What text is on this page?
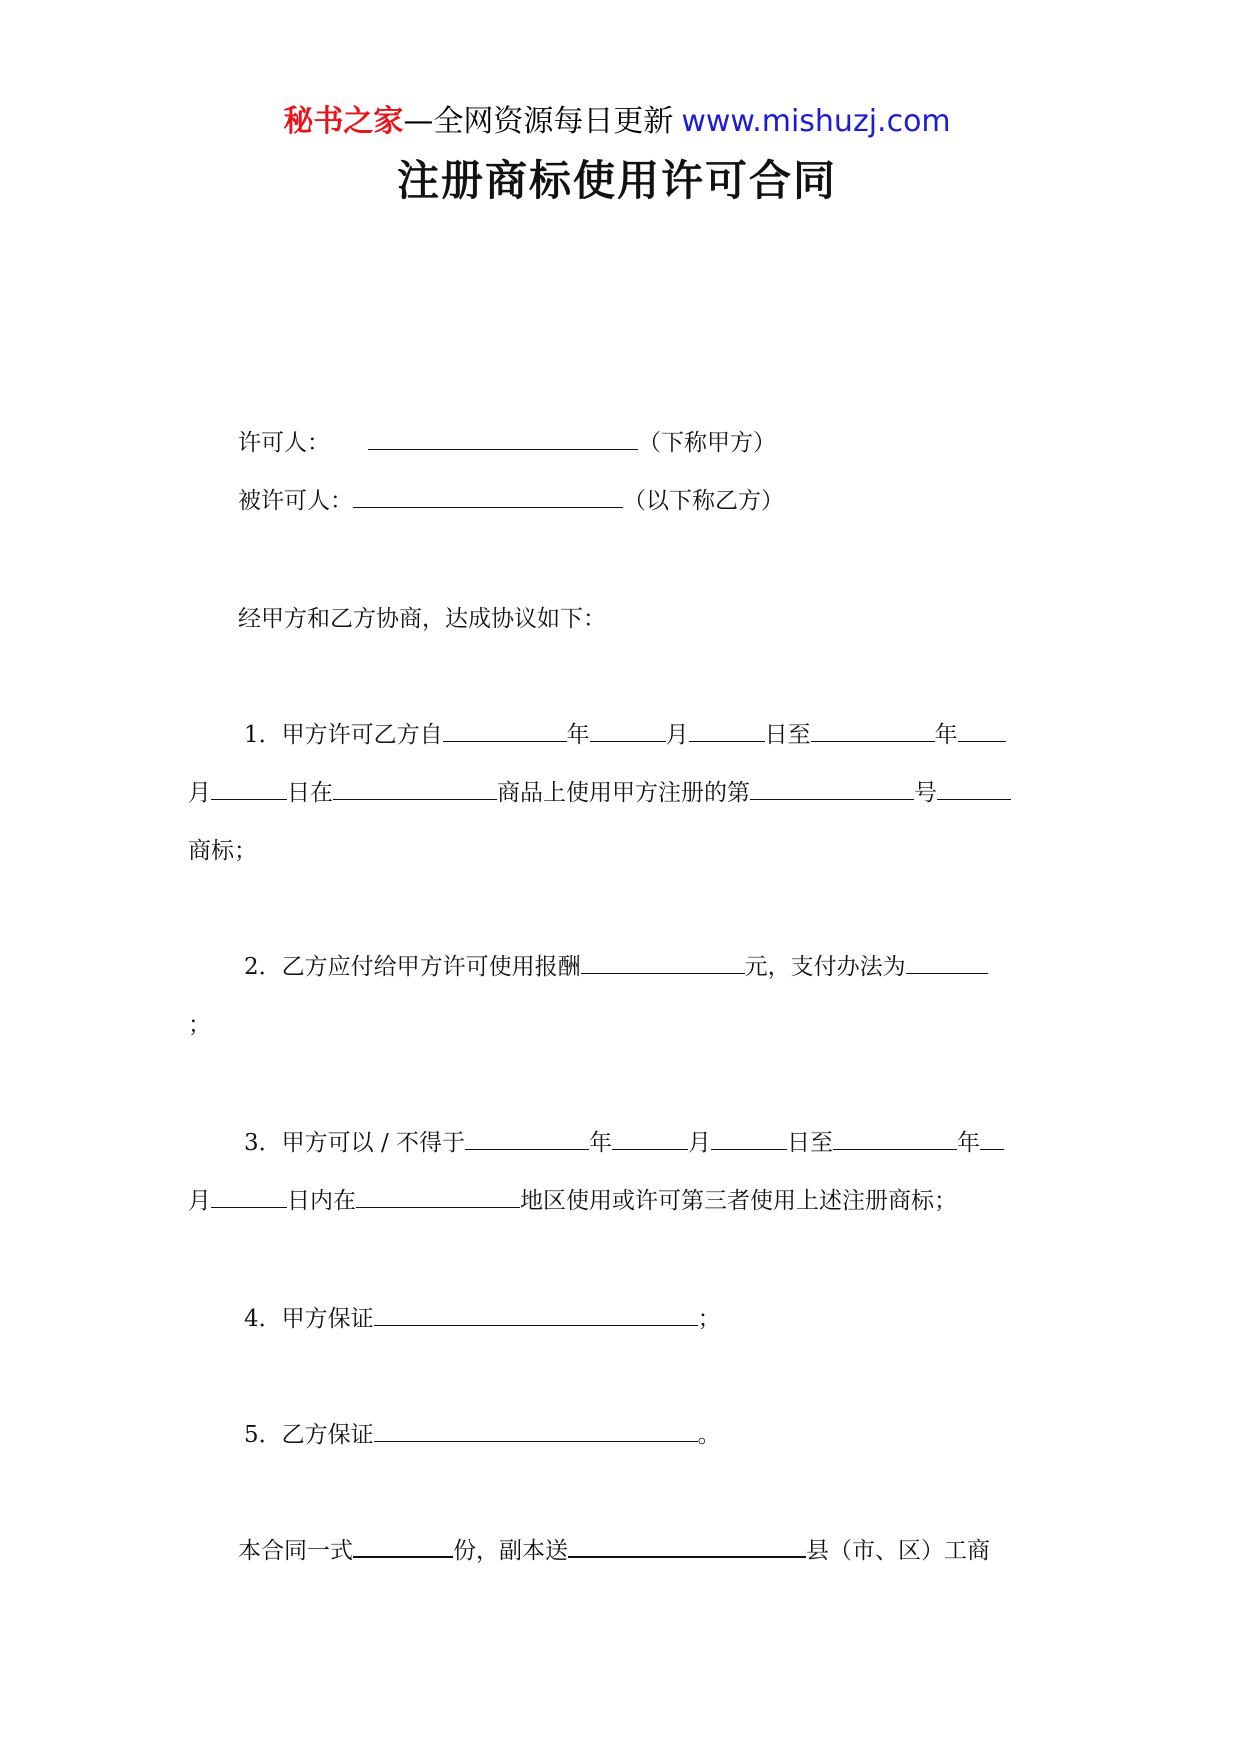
秘书之家—全网资源每日更新 www.mishuzj.com
注册商标使用许可合同
许可人：	（下称甲方）
被许可人：	（以下称乙方）
经甲方和乙方协商，达成协议如下：
1．甲方许可乙方自	年	月	日至	年
月	日在	商品上使用甲方注册的第	号
商标；
2．乙方应付给甲方许可使用报酬	元，支付办法为
；
3．甲方可以 / 不得于	年	月	日至	年
月	日内在	地区使用或许可第三者使用上述注册商标；
4．甲方保证	；
5．乙方保证	。
本合同一式	份，副本送	县（市、区）工商
